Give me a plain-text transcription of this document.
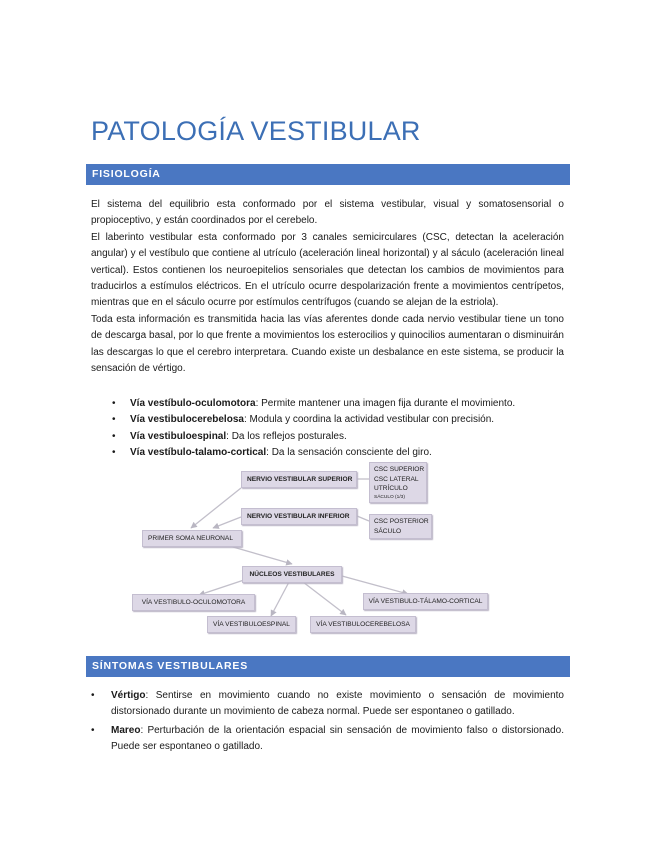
PATOLOGÍA VESTIBULAR
FISIOLOGÍA

El sistema del equilibrio esta conformado por el sistema vestibular, visual y somatosensorial o propioceptivo, y están coordinados por el cerebelo.

El laberinto vestibular esta conformado por 3 canales semicirculares (CSC, detectan la aceleración angular) y el vestíbulo que contiene al utrículo (aceleración lineal horizontal) y al sáculo (aceleración lineal vertical). Estos contienen los neuroepitelios sensoriales que detectan los cambios de movimientos para traducirlos a estímulos eléctricos. En el utrículo ocurre despolarización frente a movimientos centrípetos, mientras que en el sáculo ocurre por estímulos centrífugos (cuando se alejan de la estriola).

Toda esta información es transmitida hacia las vías aferentes donde cada nervio vestibular tiene un tono de descarga basal, por lo que frente a movimientos los esterocilios y quinocilios aumentaran o disminuirán las descargas lo que el cerebro interpretara. Cuando existe un desbalance en este sistema, se producir la sensación de vértigo.

• Vía vestíbulo-oculomotora: Permite mantener una imagen fija durante el movimiento.
• Vía vestibulocerebelosa: Modula y coordina la actividad vestibular con precisión.
• Vía vestibuloespinal: Da los reflejos posturales.
• Vía vestíbulo-talamo-cortical: Da la sensación consciente del giro.
NERVIO VESTIBULAR SUPERIOR
CSC SUPERIOR
CSC LATERAL
UTRÍCULO
SÁCULO (1/3)
NERVIO VESTIBULAR INFERIOR
CSC POSTERIOR
SÁCULO
PRIMER SOMA NEURONAL
NÚCLEOS VESTIBULARES
VÍA VESTIBULO-OCULOMOTORA	VÍA VESTIBULO-TÁLAMO-CORTICAL
VÍA VESTIBULOESPINAL	VÍA VESTIBULOCEREBELOSA
SÍNTOMAS VESTIBULARES
• Vértigo: Sentirse en movimiento cuando no existe movimiento o sensación de movimiento distorsionado durante un movimiento de cabeza normal. Puede ser espontaneo o gatillado.
• Mareo: Perturbación de la orientación espacial sin sensación de movimiento falso o distorsionado. Puede ser espontaneo o gatillado.
